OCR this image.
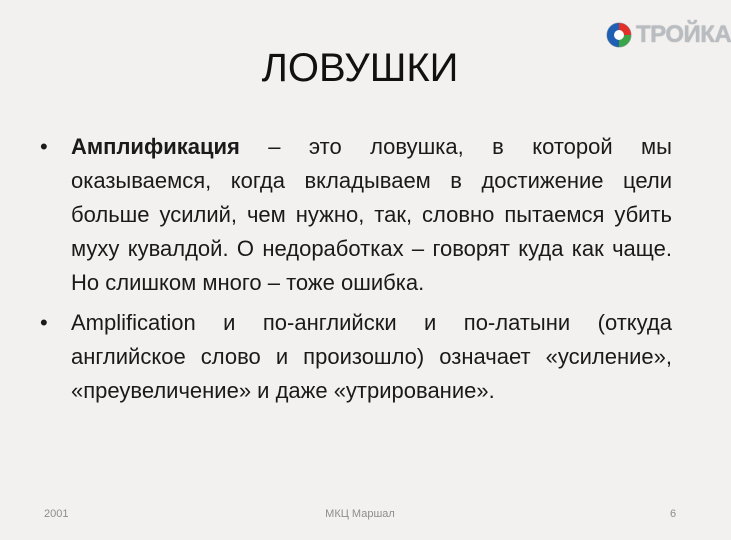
ТРОЙКА
ЛОВУШКИ
• Амплификация – это ловушка, в которой мы оказываемся, когда вкладываем в достижение цели больше усилий, чем нужно, так, словно пытаемся убить муху кувалдой. О недоработках – говорят куда как чаще. Но слишком много – тоже ошибка.
• Amplification и по-английски и по-латыни (откуда английское слово и произошло) означает «усиление», «преувеличение» и даже «утрирование».
2001	МКЦ Маршал	6
